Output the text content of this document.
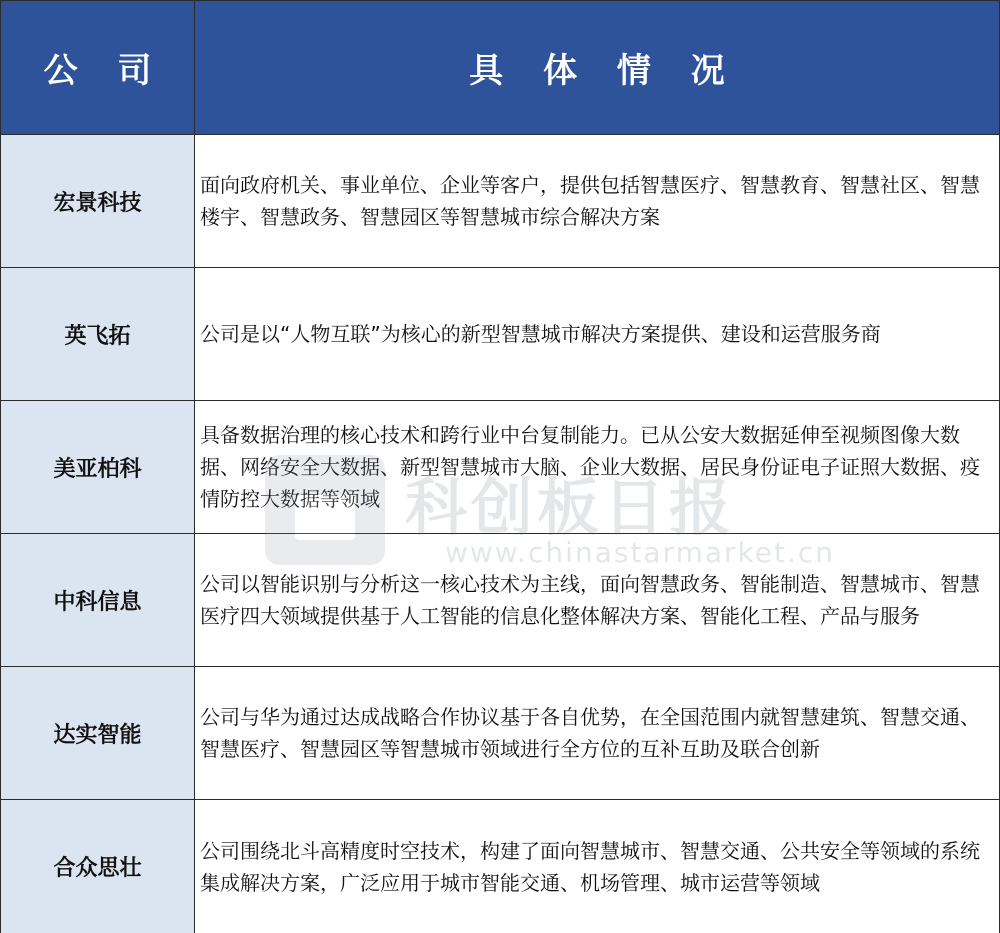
公 司	具 体 情 况
宏景科技
面向政府机关、事业单位、企业等客户，提供包括智慧医疗、智慧教育、智慧社区、智慧楼宇、智慧政务、智慧园区等智慧城市综合解决方案
英飞拓	公司是以“人物互联”为核心的新型智慧城市解决方案提供、建设和运营服务商
美亚柏科
具备数据治理的核心技术和跨行业中台复制能力。已从公安大数据延伸至视频图像大数据、网络安全大数据、新型智慧城市大脑、企业大数据、居民身份证电子证照大数据、疫情防控大数据等领域
中科信息
公司以智能识别与分析这一核心技术为主线，面向智慧政务、智能制造、智慧城市、智慧医疗四大领域提供基于人工智能的信息化整体解决方案、智能化工程、产品与服务
达实智能
公司与华为通过达成战略合作协议基于各自优势，在全国范围内就智慧建筑、智慧交通、智慧医疗、智慧园区等智慧城市领域进行全方位的互补互助及联合创新
合众思壮
公司围绕北斗高精度时空技术，构建了面向智慧城市、智慧交通、公共安全等领域的系统集成解决方案，广泛应用于城市智能交通、机场管理、城市运营等领域
